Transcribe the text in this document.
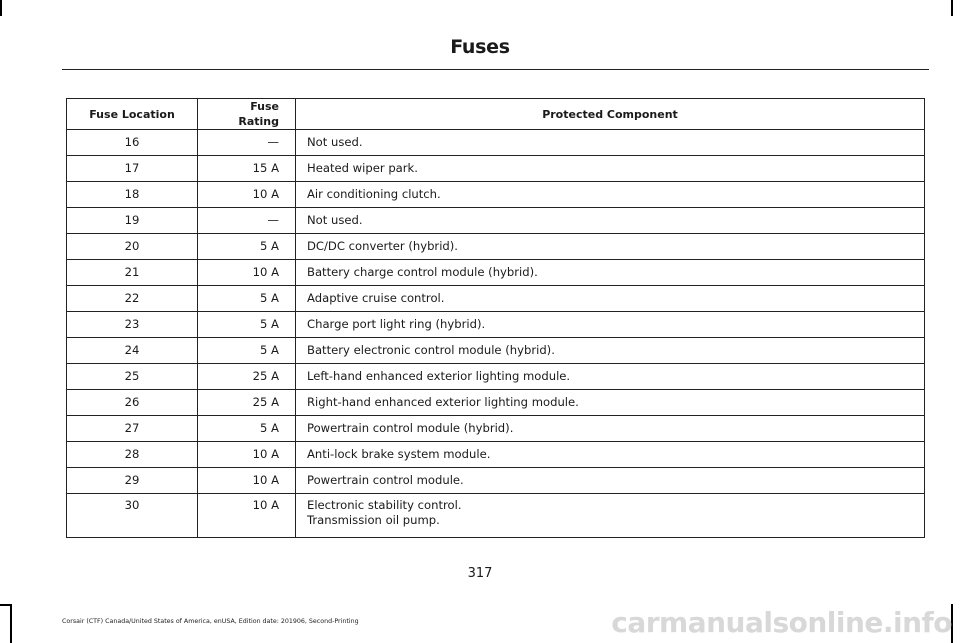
Fuses
Fuse Location	Fuse Rating	Protected Component
16	—	Not used.

17	15 A	Heated wiper park.

18	10 A	Air conditioning clutch.

19	—	Not used.

20	5 A	DC/DC converter (hybrid).

21	10 A	Battery charge control module (hybrid).

22	5 A	Adaptive cruise control.

23	5 A	Charge port light ring (hybrid).

24	5 A	Battery electronic control module (hybrid).

25	25 A	Left-hand enhanced exterior lighting module.

26	25 A	Right-hand enhanced exterior lighting module.

27	5 A	Powertrain control module (hybrid).

28	10 A	Anti-lock brake system module.

29	10 A	Powertrain control module.

30	10 A	Electronic stability control.
Transmission oil pump.
317
Corsair (CTF) Canada/United States of America, enUSA, Edition date: 201906, Second-Printing	carmanualsonline.info
